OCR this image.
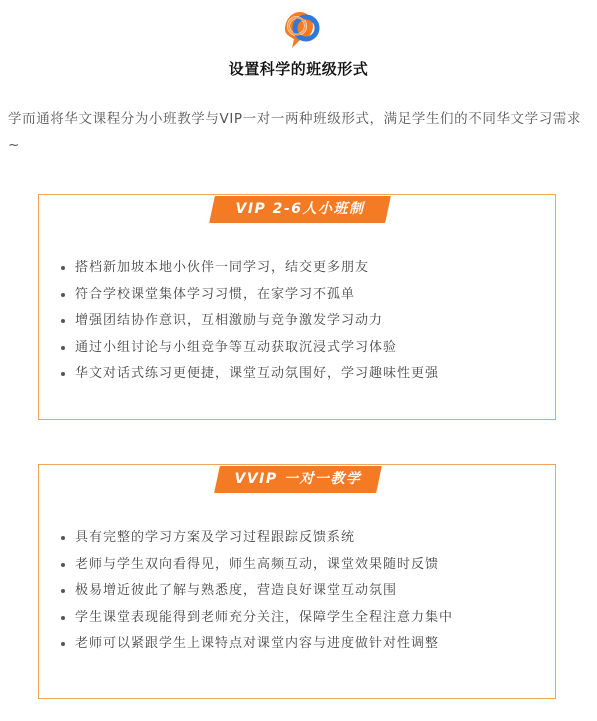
设置科学的班级形式
学而通将华文课程分为小班教学与VIP一对一两种班级形式，满足学生们的不同华文学习需求~
VIP 2-6人小班制
搭档新加坡本地小伙伴一同学习，结交更多朋友
符合学校课堂集体学习习惯，在家学习不孤单
增强团结协作意识，互相激励与竞争激发学习动力
通过小组讨论与小组竞争等互动获取沉浸式学习体验
华文对话式练习更便捷，课堂互动氛围好，学习趣味性更强
VVIP 一对一教学
具有完整的学习方案及学习过程跟踪反馈系统
老师与学生双向看得见，师生高频互动，课堂效果随时反馈
极易增近彼此了解与熟悉度，营造良好课堂互动氛围
学生课堂表现能得到老师充分关注，保障学生全程注意力集中
老师可以紧跟学生上课特点对课堂内容与进度做针对性调整
